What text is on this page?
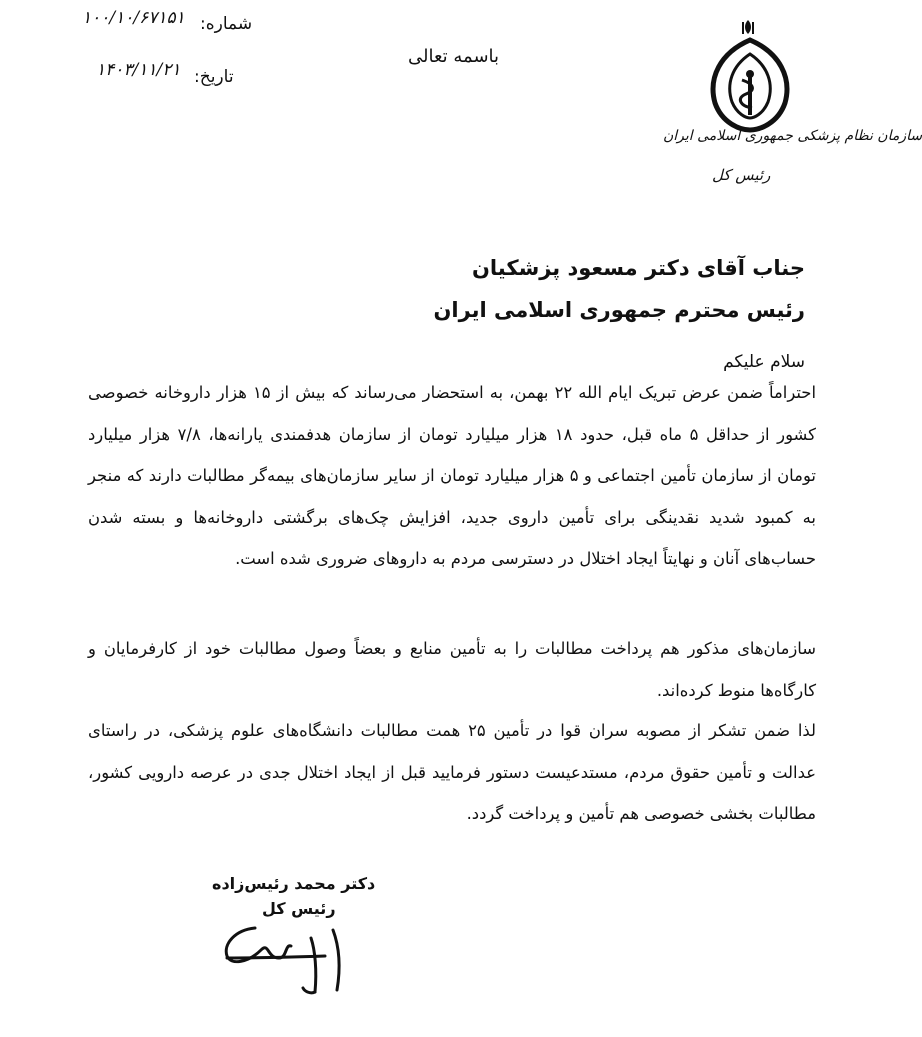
۱۰۰/۱۰/۶۷۱۵۱ شماره:
۱۴۰۳/۱۱/۲۱ تاریخ:
باسمه تعالی
سازمان نظام پزشکی جمهوری اسلامی ایران
رئیس کل
جناب آقای دکتر مسعود پزشکیان
رئیس محترم جمهوری اسلامی ایران
سلام علیکم
احتراماً ضمن عرض تبریک ایام الله ۲۲ بهمن، به استحضار می‌رساند که بیش از ۱۵ هزار داروخانه خصوصی کشور از حداقل ۵ ماه قبل، حدود ۱۸ هزار میلیارد تومان از سازمان هدفمندی یارانه‌ها، ۷/۸ هزار میلیارد تومان از سازمان تأمین اجتماعی و ۵ هزار میلیارد تومان از سایر سازمان‌های بیمه‌گر مطالبات دارند که منجر به کمبود شدید نقدینگی برای تأمین داروی جدید، افزایش چک‌های برگشتی داروخانه‌ها و بسته شدن حساب‌های آنان و نهایتاً ایجاد اختلال در دسترسی مردم به داروهای ضروری شده است.
سازمان‌های مذکور هم پرداخت مطالبات را به تأمین منابع و بعضاً وصول مطالبات خود از کارفرمایان و کارگاه‌ها منوط کرده‌اند.
لذا ضمن تشکر از مصوبه سران قوا در تأمین ۲۵ همت مطالبات دانشگاه‌های علوم پزشکی، در راستای عدالت و تأمین حقوق مردم، مستدعیست دستور فرمایید قبل از ایجاد اختلال جدی در عرصه دارویی کشور، مطالبات بخشی خصوصی هم تأمین و پرداخت گردد.
دکتر محمد رئیس‌زاده
رئیس کل
